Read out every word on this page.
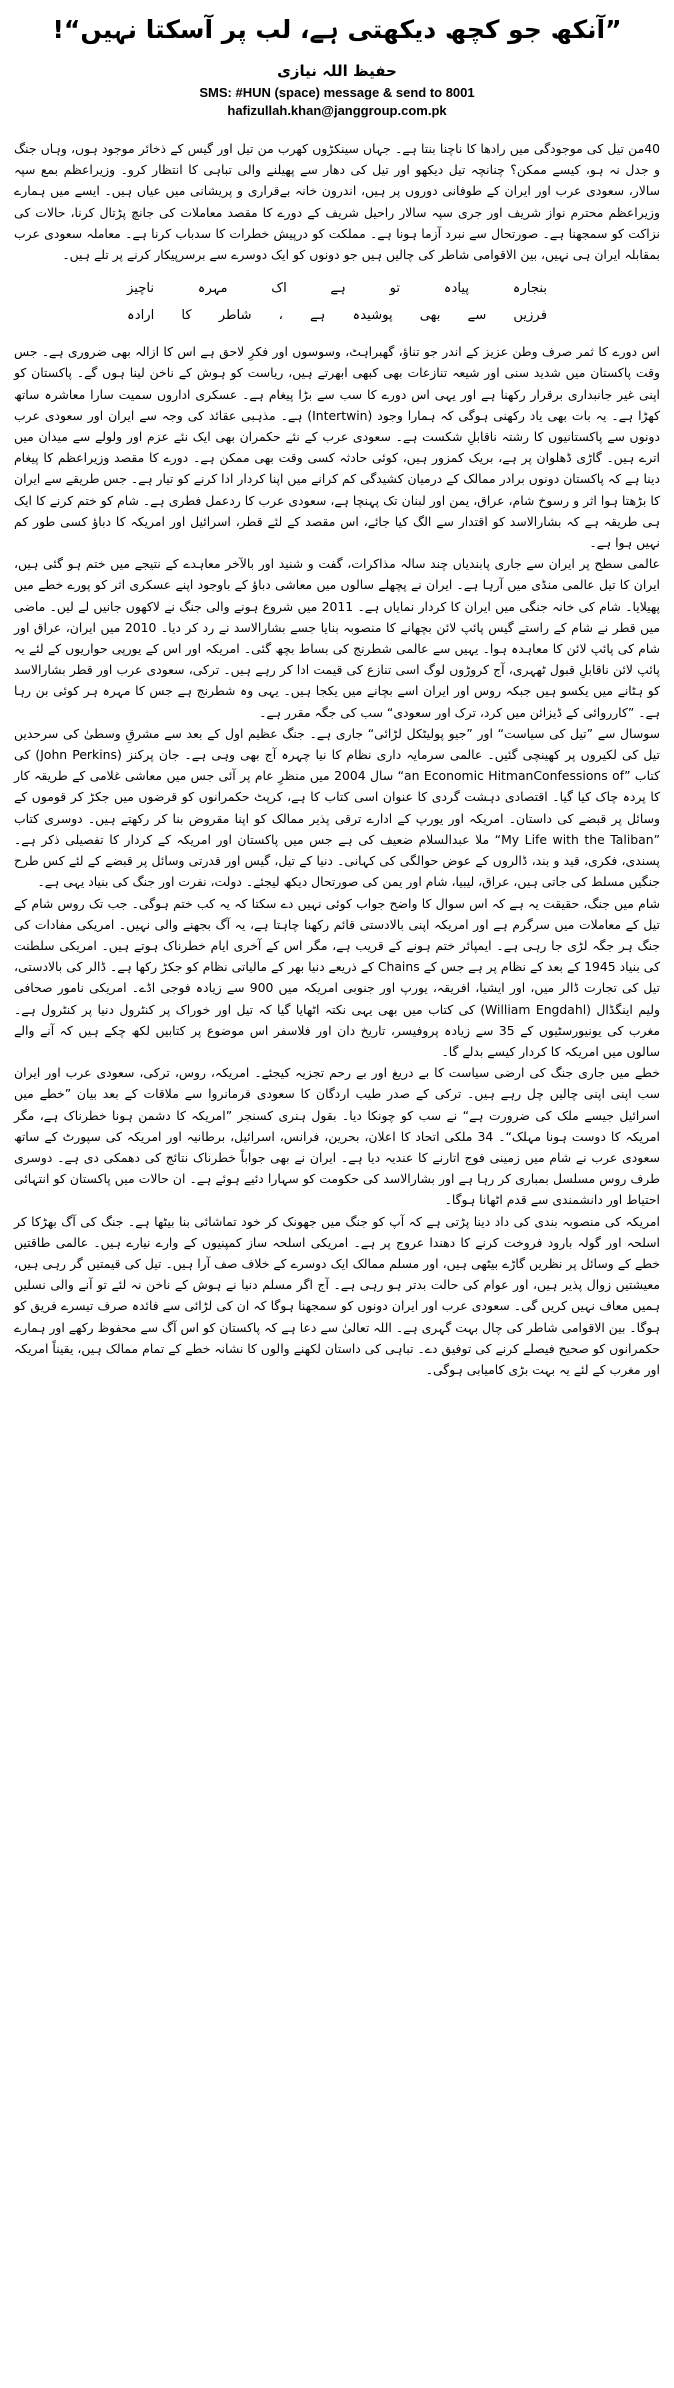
”آنکھ جو کچھ دیکھتی ہے، لب پر آسکتا نہیں“!
حفیظ اللہ نیازی
SMS: #HUN (space) message & send to 8001
hafizullah.khan@janggroup.com.pk

40من تیل کی موجودگی میں رادھا کا ناچنا بنتا ہے۔ جہاں سینکڑوں کھرب من تیل اور گیس کے ذخائر موجود ہوں، وہاں جنگ و جدل نہ ہو، کیسے ممکن؟ چنانچہ تیل دیکھو اور تیل کی دھار سے پھیلنے والی تباہی کا انتظار کرو۔ وزیراعظم بمع سپہ سالار، سعودی عرب اور ایران کے طوفانی دوروں پر ہیں، اندرون خانہ بےقراری و پریشانی میں عیاں ہیں۔ ایسے میں ہمارے وزیراعظم محترم نواز شریف اور جری سپہ سالار راحیل شریف کے دورے کا مقصد معاملات کی جانچ پڑتال کرنا، حالات کی نزاکت کو سمجھنا ہے۔ صورتحال سے نبرد آزما ہونا ہے۔ مملکت کو درپیش خطرات کا سدباب کرنا ہے۔ معاملہ سعودی عرب بمقابلہ ایران ہی نہیں، بین الاقوامی شاطر کی چالیں ہیں جو دونوں کو ایک دوسرے سے برسرپیکار کرنے پر تلے ہیں۔

بنجارہ پیادہ تو ہے اک مہرہ ناچیز
فرزیں سے بھی پوشیدہ ہے ، شاطر کا ارادہ

اس دورے کا ثمر صرف وطن عزیز کے اندر جو تناؤ، گھبراہٹ، وسوسوں اور فکرِ لاحق ہے اس کا ازالہ بھی ضروری ہے۔ جس وقت پاکستان میں شدید سنی اور شیعہ تنازعات بھی کبھی ابھرتے ہیں، ریاست کو ہوش کے ناخن لینا ہوں گے۔ پاکستان کو اپنی غیر جانبداری برقرار رکھنا ہے اور یہی اس دورے کا سب سے بڑا پیغام ہے۔ عسکری اداروں سمیت سارا معاشرہ ساتھ کھڑا ہے۔ یہ بات بھی یاد رکھنی ہوگی کہ ہمارا وجود (Intertwin) ہے۔ مذہبی عقائد کی وجہ سے ایران اور سعودی عرب دونوں سے پاکستانیوں کا رشتہ ناقابلِ شکست ہے۔ سعودی عرب کے نئے حکمران بھی ایک نئے عزم اور ولولے سے میدان میں اترے ہیں۔ گاڑی ڈھلوان پر ہے، بریک کمزور ہیں، کوئی حادثہ کسی وقت بھی ممکن ہے۔ دورے کا مقصد وزیراعظم کا پیغام دینا ہے کہ پاکستان دونوں برادر ممالک کے درمیان کشیدگی کم کرانے میں اپنا کردار ادا کرنے کو تیار ہے۔ جس طریقے سے ایران کا بڑھتا ہوا اثر و رسوخ شام، عراق، یمن اور لبنان تک پہنچا ہے، سعودی عرب کا ردعمل فطری ہے۔ شام کو ختم کرنے کا ایک ہی طریقہ ہے کہ بشارالاسد کو اقتدار سے الگ کیا جائے، اس مقصد کے لئے قطر، اسرائیل اور امریکہ کا دباؤ کسی طور کم نہیں ہوا ہے۔

عالمی سطح پر ایران سے جاری پابندیاں چند سالہ مذاکرات، گفت و شنید اور بالآخر معاہدے کے نتیجے میں ختم ہو گئی ہیں، ایران کا تیل عالمی منڈی میں آرہا ہے۔ ایران نے پچھلے سالوں میں معاشی دباؤ کے باوجود اپنے عسکری اثر کو پورے خطے میں پھیلایا۔ شام کی خانہ جنگی میں ایران کا کردار نمایاں ہے۔ 2011 میں شروع ہونے والی جنگ نے لاکھوں جانیں لے لیں۔ ماضی میں قطر نے شام کے راستے گیس پائپ لائن بچھانے کا منصوبہ بنایا جسے بشارالاسد نے رد کر دیا۔ 2010 میں ایران، عراق اور شام کی پائپ لائن کا معاہدہ ہوا۔ یہیں سے عالمی شطرنج کی بساط بچھ گئی۔ امریکہ اور اس کے یورپی حواریوں کے لئے یہ پائپ لائن ناقابلِ قبول ٹھہری، آج کروڑوں لوگ اسی تنازع کی قیمت ادا کر رہے ہیں۔ ترکی، سعودی عرب اور قطر بشارالاسد کو ہٹانے میں یکسو ہیں جبکہ روس اور ایران اسے بچانے میں یکجا ہیں۔ یہی وہ شطرنج ہے جس کا مہرہ ہر کوئی بن رہا ہے۔ ”کارروائی کے ڈیزائن میں کرد، ترک اور سعودی“ سب کی جگہ مقرر ہے۔

سوسال سے ”تیل کی سیاست“ اور ”جیو پولیٹکل لڑائی“ جاری ہے۔ جنگ عظیم اول کے بعد سے مشرقِ وسطیٰ کی سرحدیں تیل کی لکیروں پر کھینچی گئیں۔ عالمی سرمایہ داری نظام کا نیا چہرہ آج بھی وہی ہے۔ جان پرکنز (John Perkins) کی کتاب ”an Economic HitmanConfessions of“ سال 2004 میں منظرِ عام پر آئی جس میں معاشی غلامی کے طریقہ کار کا پردہ چاک کیا گیا۔ اقتصادی دہشت گردی کا عنوان اسی کتاب کا ہے، کرپٹ حکمرانوں کو قرضوں میں جکڑ کر قوموں کے وسائل پر قبضے کی داستان۔ امریکہ اور یورپ کے ادارے ترقی پذیر ممالک کو اپنا مقروض بنا کر رکھتے ہیں۔ دوسری کتاب ”My Life with the Taliban“ ملا عبدالسلام ضعیف کی ہے جس میں پاکستان اور امریکہ کے کردار کا تفصیلی ذکر ہے۔ پسندی، فکری، قید و بند، ڈالروں کے عوض حوالگی کی کہانی۔ دنیا کے تیل، گیس اور قدرتی وسائل پر قبضے کے لئے کس طرح جنگیں مسلط کی جاتی ہیں، عراق، لیبیا، شام اور یمن کی صورتحال دیکھ لیجئے۔ دولت، نفرت اور جنگ کی بنیاد یہی ہے۔

شام میں جنگ، حقیقت یہ ہے کہ اس سوال کا واضح جواب کوئی نہیں دے سکتا کہ یہ کب ختم ہوگی۔ جب تک روس شام کے تیل کے معاملات میں سرگرم ہے اور امریکہ اپنی بالادستی قائم رکھنا چاہتا ہے، یہ آگ بجھنے والی نہیں۔ امریکی مفادات کی جنگ ہر جگہ لڑی جا رہی ہے۔ ایمپائر ختم ہونے کے قریب ہے، مگر اس کے آخری ایام خطرناک ہوتے ہیں۔ امریکی سلطنت کی بنیاد 1945 کے بعد کے نظام پر ہے جس کے Chains کے ذریعے دنیا بھر کے مالیاتی نظام کو جکڑ رکھا ہے۔ ڈالر کی بالادستی، تیل کی تجارت ڈالر میں، اور ایشیا، افریقہ، یورپ اور جنوبی امریکہ میں 900 سے زیادہ فوجی اڈے۔ امریکی نامور صحافی ولیم اینگڈال (William Engdahl) کی کتاب میں بھی یہی نکتہ اٹھایا گیا کہ تیل اور خوراک پر کنٹرول دنیا پر کنٹرول ہے۔ مغرب کی یونیورسٹیوں کے 35 سے زیادہ پروفیسر، تاریخ دان اور فلاسفر اس موضوع پر کتابیں لکھ چکے ہیں کہ آنے والے سالوں میں امریکہ کا کردار کیسے بدلے گا۔

خطے میں جاری جنگ کی ارضی سیاست کا بے دریغ اور بے رحم تجزیہ کیجئے۔ امریکہ، روس، ترکی، سعودی عرب اور ایران سب اپنی اپنی چالیں چل رہے ہیں۔ ترکی کے صدر طیب اردگان کا سعودی فرمانروا سے ملاقات کے بعد بیان ”خطے میں اسرائیل جیسے ملک کی ضرورت ہے“ نے سب کو چونکا دیا۔ بقول ہنری کسنجر ”امریکہ کا دشمن ہونا خطرناک ہے، مگر امریکہ کا دوست ہونا مہلک“۔ 34 ملکی اتحاد کا اعلان، بحرین، فرانس، اسرائیل، برطانیہ اور امریکہ کی سپورٹ کے ساتھ سعودی عرب نے شام میں زمینی فوج اتارنے کا عندیہ دیا ہے۔ ایران نے بھی جواباً خطرناک نتائج کی دھمکی دی ہے۔ دوسری طرف روس مسلسل بمباری کر رہا ہے اور بشارالاسد کی حکومت کو سہارا دئیے ہوئے ہے۔ ان حالات میں پاکستان کو انتہائی احتیاط اور دانشمندی سے قدم اٹھانا ہوگا۔

امریکہ کی منصوبہ بندی کی داد دینا پڑتی ہے کہ آپ کو جنگ میں جھونک کر خود تماشائی بنا بیٹھا ہے۔ جنگ کی آگ بھڑکا کر اسلحہ اور گولہ بارود فروخت کرنے کا دھندا عروج پر ہے۔ امریکی اسلحہ ساز کمپنیوں کے وارے نیارے ہیں۔ عالمی طاقتیں خطے کے وسائل پر نظریں گاڑے بیٹھی ہیں، اور مسلم ممالک ایک دوسرے کے خلاف صف آرا ہیں۔ تیل کی قیمتیں گر رہی ہیں، معیشتیں زوال پذیر ہیں، اور عوام کی حالت بدتر ہو رہی ہے۔ آج اگر مسلم دنیا نے ہوش کے ناخن نہ لئے تو آنے والی نسلیں ہمیں معاف نہیں کریں گی۔ سعودی عرب اور ایران دونوں کو سمجھنا ہوگا کہ ان کی لڑائی سے فائدہ صرف تیسرے فریق کو ہوگا۔ بین الاقوامی شاطر کی چال بہت گہری ہے۔ اللہ تعالیٰ سے دعا ہے کہ پاکستان کو اس آگ سے محفوظ رکھے اور ہمارے حکمرانوں کو صحیح فیصلے کرنے کی توفیق دے۔ تباہی کی داستان لکھنے والوں کا نشانہ خطے کے تمام ممالک ہیں، یقیناً امریکہ اور مغرب کے لئے یہ بہت بڑی کامیابی ہوگی۔
